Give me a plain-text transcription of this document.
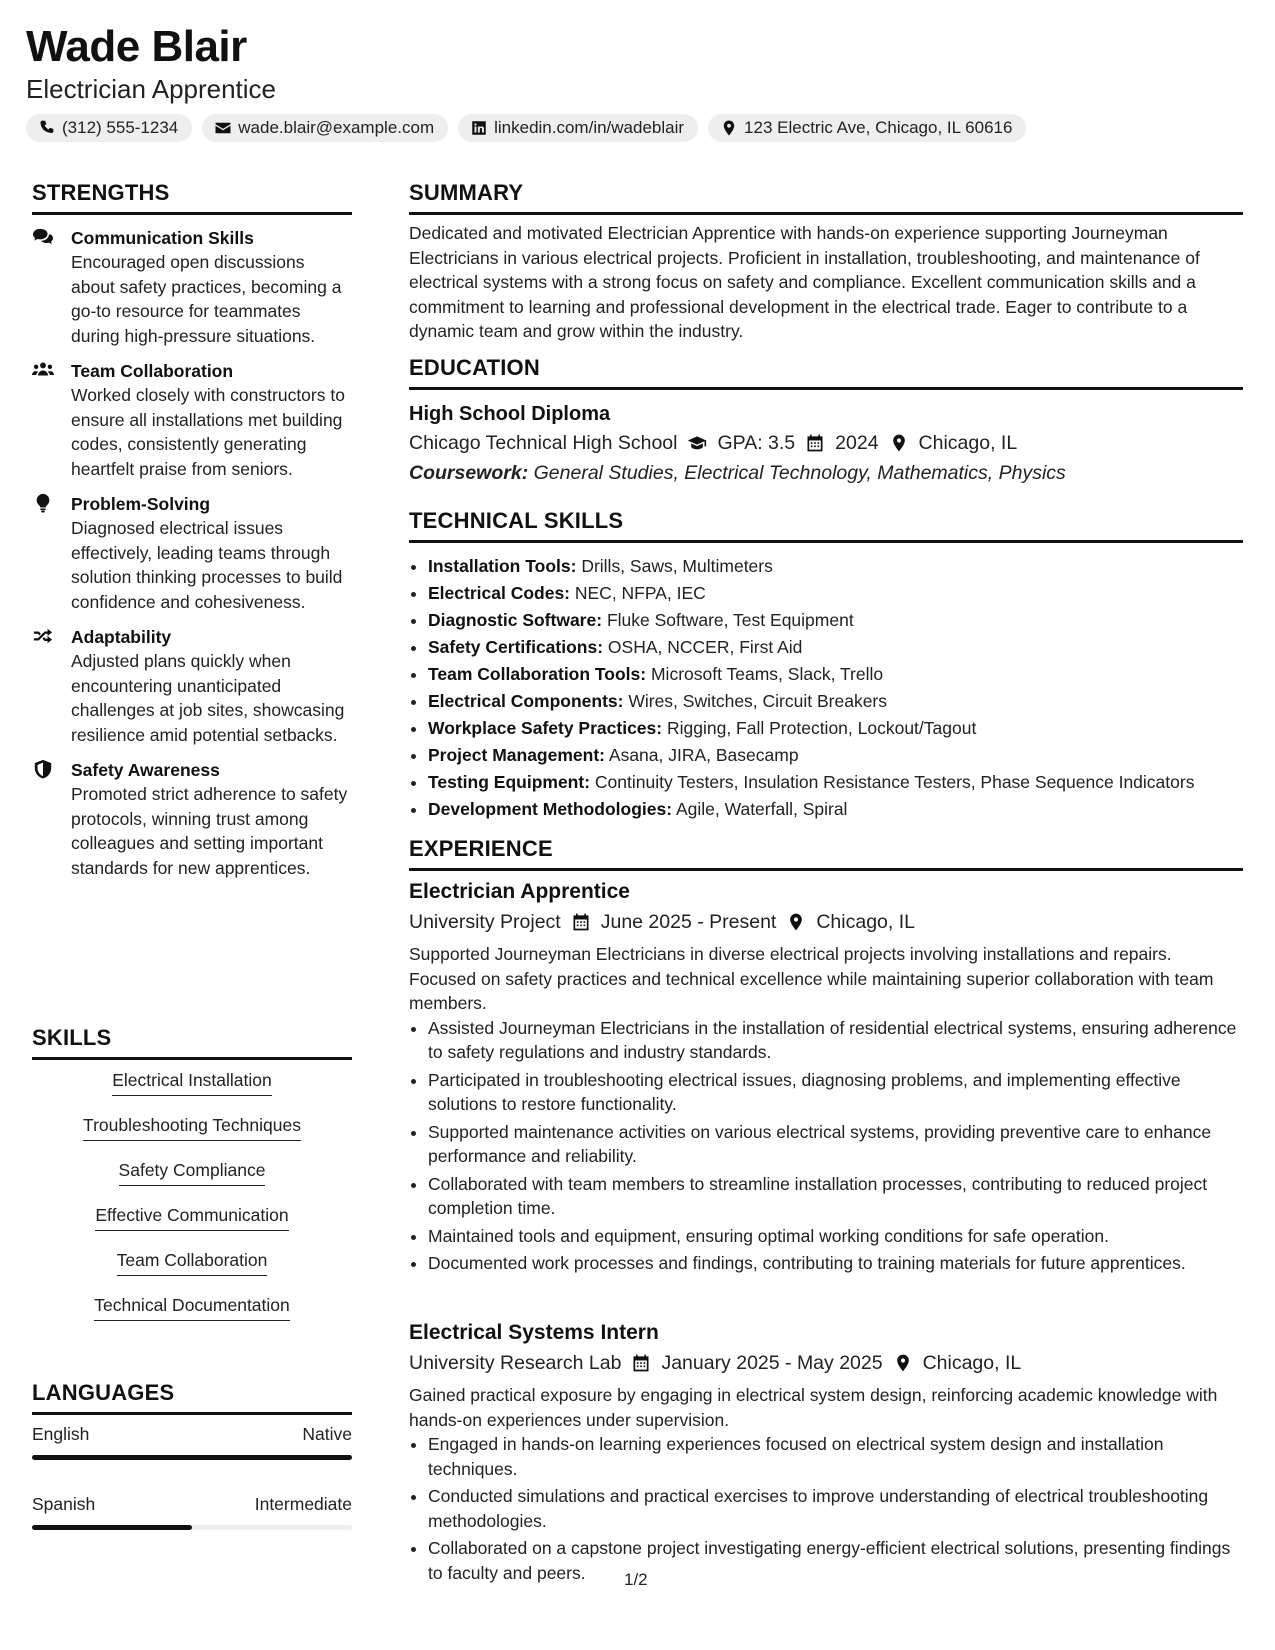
Wade Blair
Electrician Apprentice
(312) 555-1234	wade.blair@example.com	linkedin.com/in/wadeblair	123 Electric Ave, Chicago, IL 60616
STRENGTHS
Communication Skills
Encouraged open discussions about safety practices, becoming a go-to resource for teammates during high-pressure situations.
Team Collaboration
Worked closely with constructors to ensure all installations met building codes, consistently generating heartfelt praise from seniors.
Problem-Solving
Diagnosed electrical issues effectively, leading teams through solution thinking processes to build confidence and cohesiveness.
Adaptability
Adjusted plans quickly when encountering unanticipated challenges at job sites, showcasing resilience amid potential setbacks.
Safety Awareness
Promoted strict adherence to safety protocols, winning trust among colleagues and setting important standards for new apprentices.
SKILLS
Electrical Installation
Troubleshooting Techniques
Safety Compliance
Effective Communication
Team Collaboration
Technical Documentation
LANGUAGES
English	Native
Spanish	Intermediate
SUMMARY
Dedicated and motivated Electrician Apprentice with hands-on experience supporting Journeyman Electricians in various electrical projects. Proficient in installation, troubleshooting, and maintenance of electrical systems with a strong focus on safety and compliance. Excellent communication skills and a commitment to learning and professional development in the electrical trade. Eager to contribute to a dynamic team and grow within the industry.
EDUCATION
High School Diploma
Chicago Technical High School GPA: 3.5 2024 Chicago, IL
Coursework: General Studies, Electrical Technology, Mathematics, Physics
TECHNICAL SKILLS
• Installation Tools: Drills, Saws, Multimeters
• Electrical Codes: NEC, NFPA, IEC
• Diagnostic Software: Fluke Software, Test Equipment
• Safety Certifications: OSHA, NCCER, First Aid
• Team Collaboration Tools: Microsoft Teams, Slack, Trello
• Electrical Components: Wires, Switches, Circuit Breakers
• Workplace Safety Practices: Rigging, Fall Protection, Lockout/Tagout
• Project Management: Asana, JIRA, Basecamp
• Testing Equipment: Continuity Testers, Insulation Resistance Testers, Phase Sequence Indicators
• Development Methodologies: Agile, Waterfall, Spiral
EXPERIENCE
Electrician Apprentice
University Project June 2025 - Present Chicago, IL
Supported Journeyman Electricians in diverse electrical projects involving installations and repairs. Focused on safety practices and technical excellence while maintaining superior collaboration with team members.
• Assisted Journeyman Electricians in the installation of residential electrical systems, ensuring adherence to safety regulations and industry standards.
• Participated in troubleshooting electrical issues, diagnosing problems, and implementing effective solutions to restore functionality.
• Supported maintenance activities on various electrical systems, providing preventive care to enhance performance and reliability.
• Collaborated with team members to streamline installation processes, contributing to reduced project completion time.
• Maintained tools and equipment, ensuring optimal working conditions for safe operation.
• Documented work processes and findings, contributing to training materials for future apprentices.
Electrical Systems Intern
University Research Lab January 2025 - May 2025 Chicago, IL
Gained practical exposure by engaging in electrical system design, reinforcing academic knowledge with hands-on experiences under supervision.
• Engaged in hands-on learning experiences focused on electrical system design and installation techniques.
• Conducted simulations and practical exercises to improve understanding of electrical troubleshooting methodologies.
• Collaborated on a capstone project investigating energy-efficient electrical solutions, presenting findings to faculty and peers.	1/2
